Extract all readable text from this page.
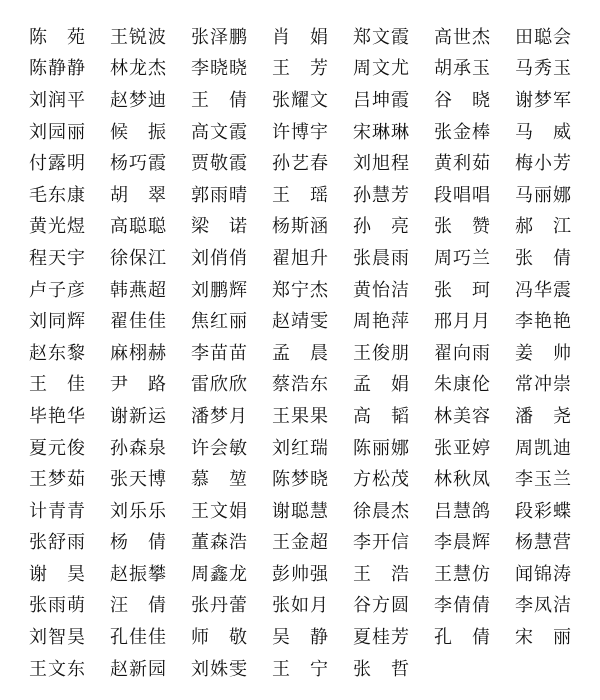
陈 苑 王锐波 张泽鹏 肖 娟 郑文霞 高世杰 田聪会
陈静静 林龙杰 李晓晓 王 芳 周文尤 胡承玉 马秀玉
刘润平 赵梦迪 王 倩 张耀文 吕坤霞 谷 晓 谢梦军
刘园丽 候 振 高文霞 许博宇 宋琳琳 张金棒 马 威
付露明 杨巧霞 贾敬霞 孙艺春 刘旭程 黄利茹 梅小芳
毛东康 胡 翠 郭雨晴 王 瑶 孙慧芳 段唱唱 马丽娜
黄光煜 高聪聪 梁 诺 杨斯涵 孙 亮 张 赞 郝 江
程天宇 徐保江 刘俏俏 翟旭升 张晨雨 周巧兰 张 倩
卢子彦 韩燕超 刘鹏辉 郑宁杰 黄怡洁 张 珂 冯华震
刘同辉 翟佳佳 焦红丽 赵靖雯 周艳萍 邢月月 李艳艳
赵东黎 麻栩赫 李苗苗 孟 晨 王俊朋 翟向雨 姜 帅
王 佳 尹 路 雷欣欣 蔡浩东 孟 娟 朱康伦 常冲崇
毕艳华 谢新运 潘梦月 王果果 高 韬 林美容 潘 尧
夏元俊 孙森泉 许会敏 刘红瑞 陈丽娜 张亚婷 周凯迪
王梦茹 张天博 慕 堃 陈梦晓 方松茂 林秋凤 李玉兰
计青青 刘乐乐 王文娟 谢聪慧 徐晨杰 吕慧鸽 段彩蝶
张舒雨 杨 倩 董森浩 王金超 李开信 李晨辉 杨慧营
谢 昊 赵振攀 周鑫龙 彭帅强 王 浩 王慧仿 闻锦涛
张雨萌 汪 倩 张丹蕾 张如月 谷方圆 李倩倩 李凤洁
刘智昊 孔佳佳 师 敬 吴 静 夏桂芳 孔 倩 宋 丽
王文东 赵新园 刘姝雯 王 宁 张 哲
